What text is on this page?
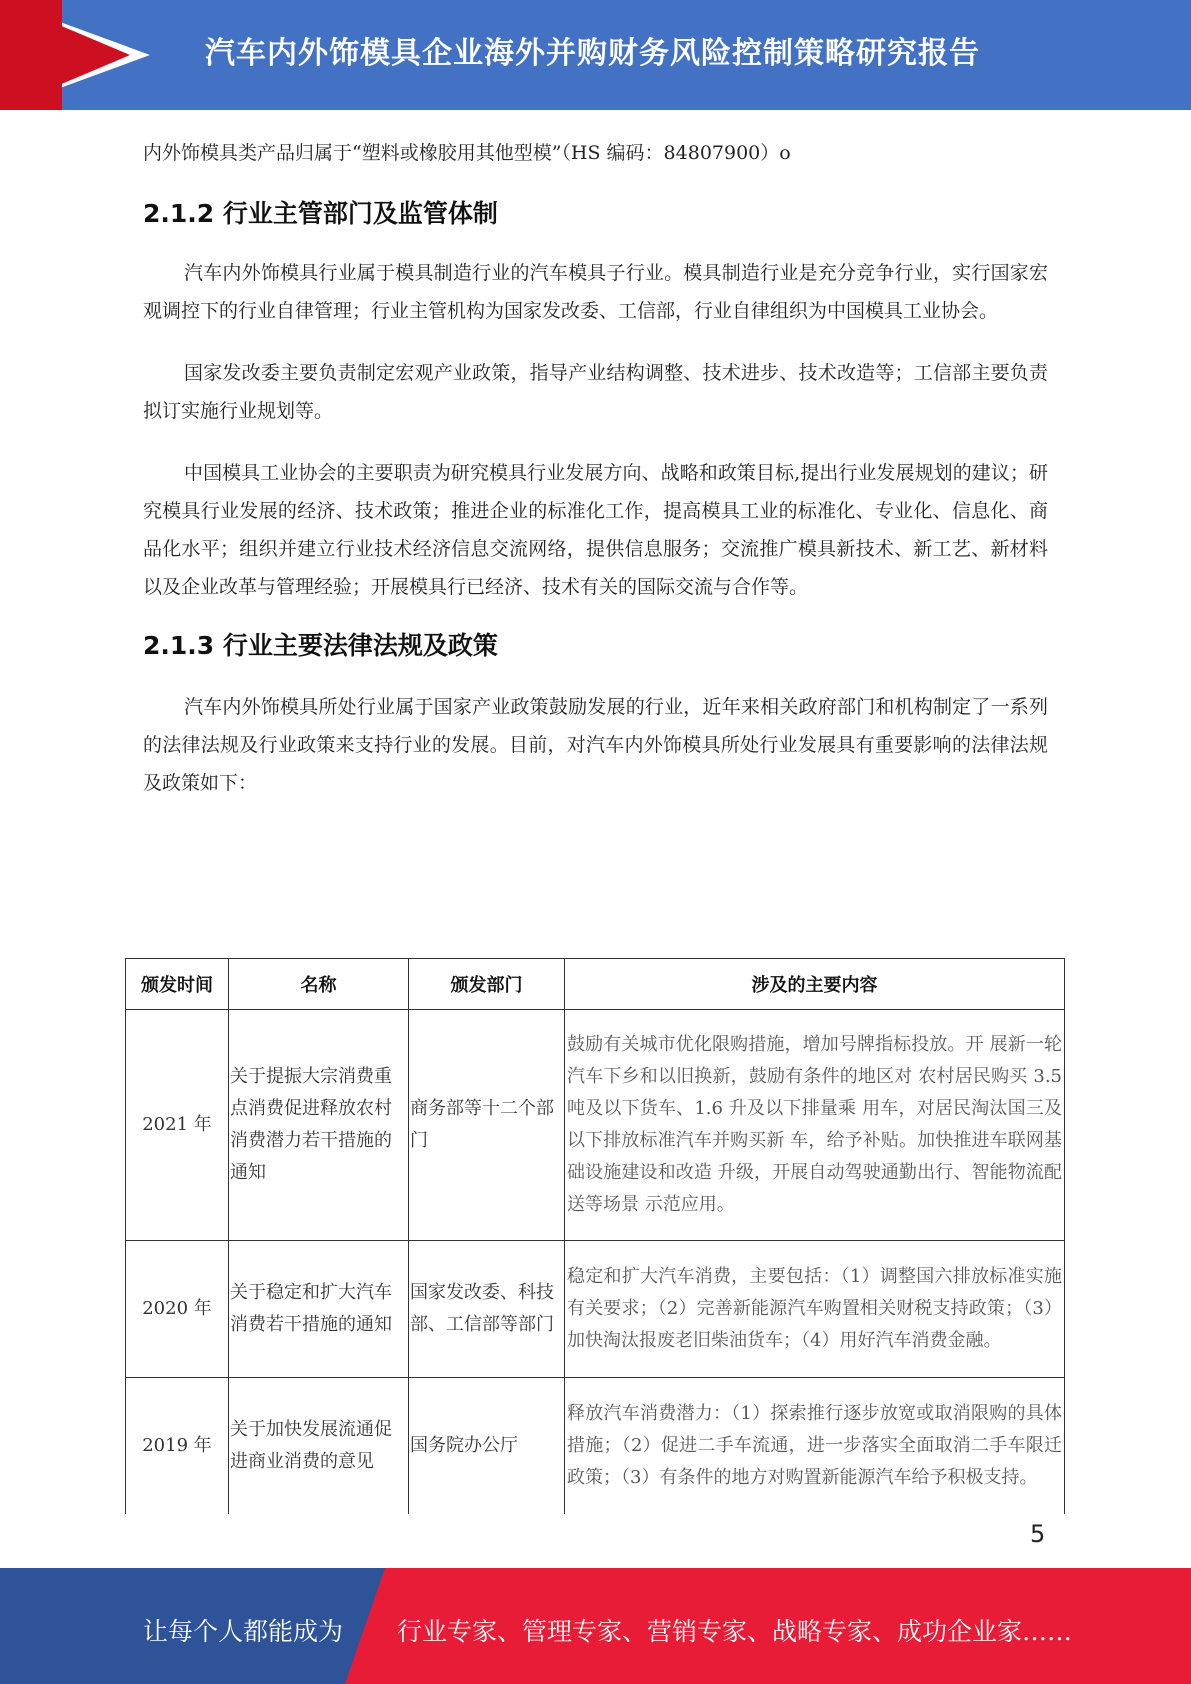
汽车内外饰模具企业海外并购财务风险控制策略研究报告

内外饰模具类产品归属于“塑料或橡胶用其他型模”（HS 编码：84807900）o

2.1.2 行业主管部门及监管体制

汽车内外饰模具行业属于模具制造行业的汽车模具子行业。模具制造行业是充分竞争行业，实行国家宏观调控下的行业自律管理；行业主管机构为国家发改委、工信部，行业自律组织为中国模具工业协会。

国家发改委主要负责制定宏观产业政策，指导产业结构调整、技术进步、技术改造等；工信部主要负责拟订实施行业规划等。

中国模具工业协会的主要职责为研究模具行业发展方向、战略和政策目标,提出行业发展规划的建议；研究模具行业发展的经济、技术政策；推进企业的标准化工作，提高模具工业的标准化、专业化、信息化、商品化水平；组织并建立行业技术经济信息交流网络，提供信息服务；交流推广模具新技术、新工艺、新材料以及企业改革与管理经验；开展模具行已经济、技术有关的国际交流与合作等。

2.1.3 行业主要法律法规及政策

汽车内外饰模具所处行业属于国家产业政策鼓励发展的行业，近年来相关政府部门和机构制定了一系列的法律法规及行业政策来支持行业的发展。目前，对汽车内外饰模具所处行业发展具有重要影响的法律法规及政策如下：

颁发时间	名称	颁发部门	涉及的主要内容
2021 年	关于提振大宗消费重点消费促进释放农村消费潜力若干措施的通知	商务部等十二个部门	鼓励有关城市优化限购措施，增加号牌指标投放。开 展新一轮汽车下乡和以旧换新，鼓励有条件的地区对 农村居民购买 3.5 吨及以下货车、1.6 升及以下排量乘 用车，对居民淘汰国三及以下排放标准汽车并购买新 车，给予补贴。加快推进车联网基础设施建设和改造 升级，开展自动驾驶通勤出行、智能物流配送等场景 示范应用。
2020 年	关于稳定和扩大汽车消费若干措施的通知	国家发改委、科技部、工信部等部门	稳定和扩大汽车消费，主要包括：（1）调整国六排放标准实施有关要求；（2）完善新能源汽车购置相关财税支持政策；（3）加快淘汰报废老旧柴油货车；（4）用好汽车消费金融。
2019 年	关于加快发展流通促进商业消费的意见	国务院办公厅	释放汽车消费潜力：（1）探索推行逐步放宽或取消限购的具体措施；（2）促进二手车流通，进一步落实全面取消二手车限迁政策；（3）有条件的地方对购置新能源汽车给予积极支持。
5
让每个人都能成为 行业专家、管理专家、营销专家、战略专家、成功企业家……
